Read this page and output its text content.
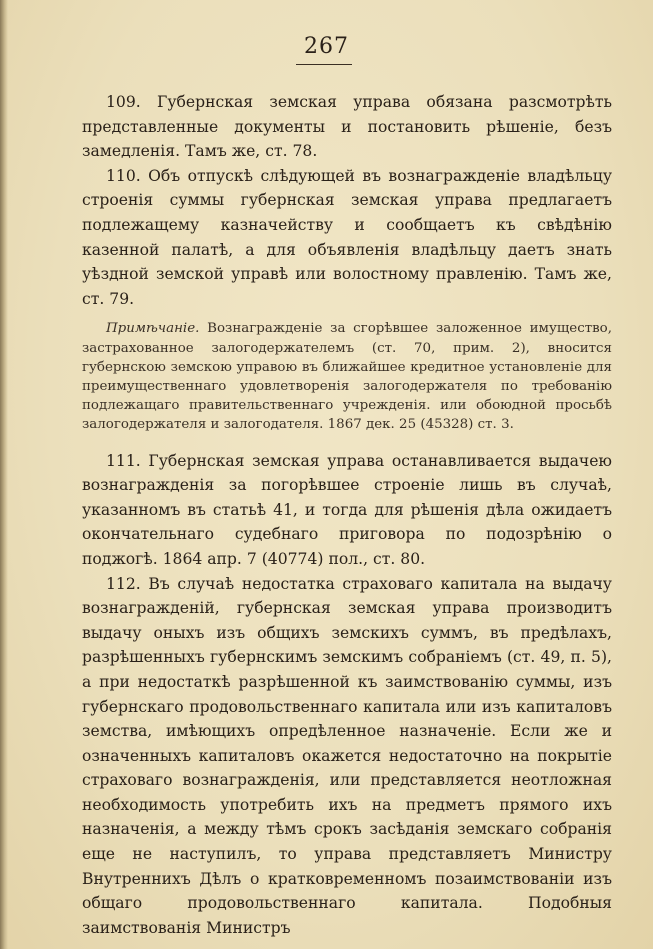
267

109. Губернская земская управа обязана разсмотрѣть представленные документы и постановить рѣшеніе, безъ замедленія. Тамъ же, ст. 78.

110. Объ отпускѣ слѣдующей въ вознагражденіе владѣльцу строенія суммы губернская земская управа предлагаетъ подлежащему казначейству и сообщаетъ къ свѣдѣнію казенной палатѣ, а для объявленія владѣльцу даетъ знать уѣздной земской управѣ или волостному правленію. Тамъ же, ст. 79.

Примѣчаніе. Вознагражденіе за сгорѣвшее заложенное имущество, застрахованное залогодержателемъ (ст. 70, прим. 2), вносится губернскою земскою управою въ ближайшее кредитное установленіе для преимущественнаго удовлетворенія залогодержателя по требованію подлежащаго правительственнаго учрежденія. или обоюдной просьбѣ залогодержателя и залогодателя. 1867 дек. 25 (45328) ст. 3.

111. Губернская земская управа останавливается выдачею вознагражденія за погорѣвшее строеніе лишь въ случаѣ, указанномъ въ статьѣ 41, и тогда для рѣшенія дѣла ожидаетъ окончательнаго судебнаго приговора по подозрѣнію о поджогѣ. 1864 апр. 7 (40774) пол., ст. 80.

112. Въ случаѣ недостатка страховаго капитала на выдачу вознагражденій, губернская земская управа производитъ выдачу оныхъ изъ общихъ земскихъ суммъ, въ предѣлахъ, разрѣшенныхъ губернскимъ земскимъ собраніемъ (ст. 49, п. 5), а при недостаткѣ разрѣшенной къ заимствованію суммы, изъ губернскаго продовольственнаго капитала или изъ капиталовъ земства, имѣющихъ опредѣленное назначеніе. Если же и означенныхъ капиталовъ окажется недостаточно на покрытіе страховаго вознагражденія, или представляется неотложная необходимость употребить ихъ на предметъ прямого ихъ назначенія, а между тѣмъ срокъ засѣданія земскаго собранія еще не наступилъ, то управа представляетъ Министру Внутреннихъ Дѣлъ о кратковременномъ позаимствованіи изъ общаго продовольственнаго капитала. Подобныя заимствованія Министръ
